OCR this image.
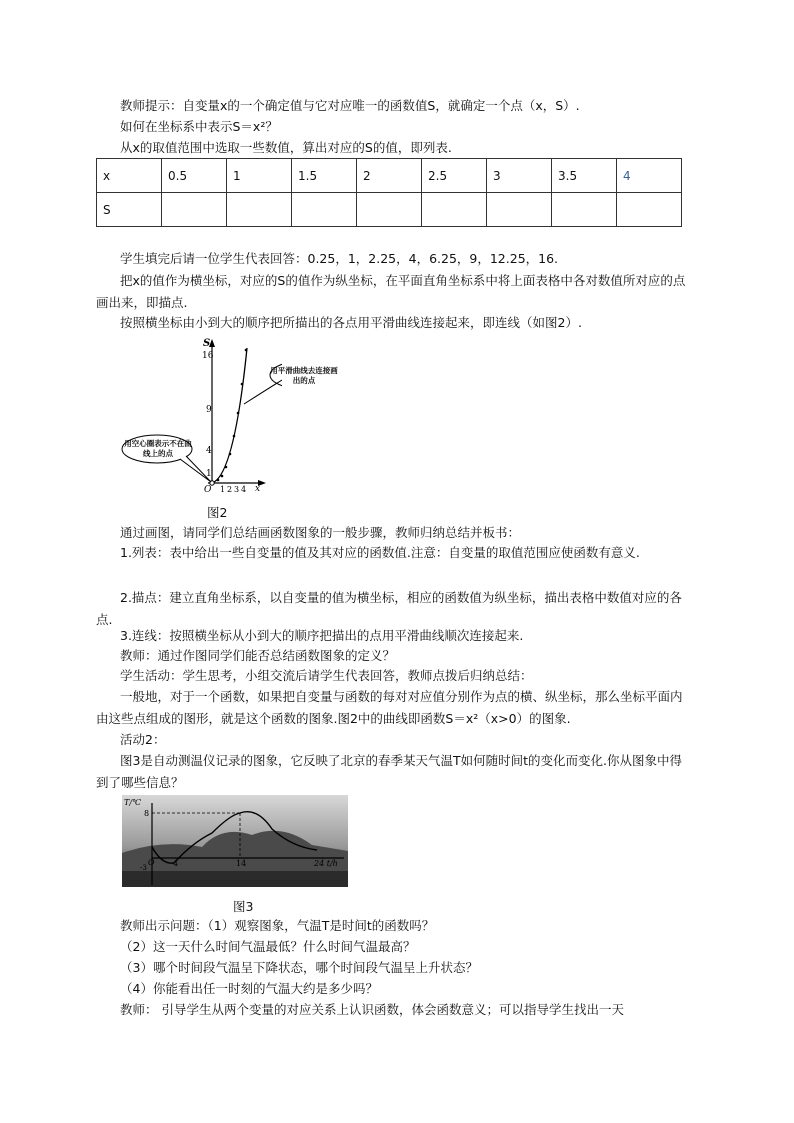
教师提示：自变量x的一个确定值与它对应唯一的函数值S，就确定一个点（x，S）.
如何在坐标系中表示S＝x²？
从x的取值范围中选取一些数值，算出对应的S的值，即列表.
x	0.5	1	1.5	2	2.5	3	3.5	4
S								
学生填完后请一位学生代表回答：0.25，1，2.25，4，6.25，9，12.25，16.
把x的值作为横坐标，对应的S的值作为纵坐标，在平面直角坐标系中将上面表格中各对数值所对应的点画出来，即描点.
按照横坐标由小到大的顺序把所描出的各点用平滑曲线连接起来，即连线（如图2）.
S
x
O
16
9
4
1
1 2 3 4
用平滑曲线去连接画出的点
用空心圈表示不在曲线上的点
图2
通过画图，请同学们总结画函数图象的一般步骤，教师归纳总结并板书：
1.列表：表中给出一些自变量的值及其对应的函数值.注意：自变量的取值范围应使函数有意义.
2.描点：建立直角坐标系，以自变量的值为横坐标，相应的函数值为纵坐标，描出表格中数值对应的各点.
3.连线：按照横坐标从小到大的顺序把描出的点用平滑曲线顺次连接起来.
教师：通过作图同学们能否总结函数图象的定义？
学生活动：学生思考，小组交流后请学生代表回答，教师点拨后归纳总结：
一般地，对于一个函数，如果把自变量与函数的每对对应值分别作为点的横、纵坐标，那么坐标平面内由这些点组成的图形，就是这个函数的图象.图2中的曲线即函数S＝x²（x>0）的图象.
活动2：
图3是自动测温仪记录的图象，它反映了北京的春季某天气温T如何随时间t的变化而变化.你从图象中得到了哪些信息？
T/℃
8
O 4	14
-3	24 t/h
图3
教师出示问题：（1）观察图象，气温T是时间t的函数吗？
（2）这一天什么时间气温最低？什么时间气温最高？
（3）哪个时间段气温呈下降状态，哪个时间段气温呈上升状态？
（4）你能看出任一时刻的气温大约是多少吗？
教师： 引导学生从两个变量的对应关系上认识函数，体会函数意义；可以指导学生找出一天
